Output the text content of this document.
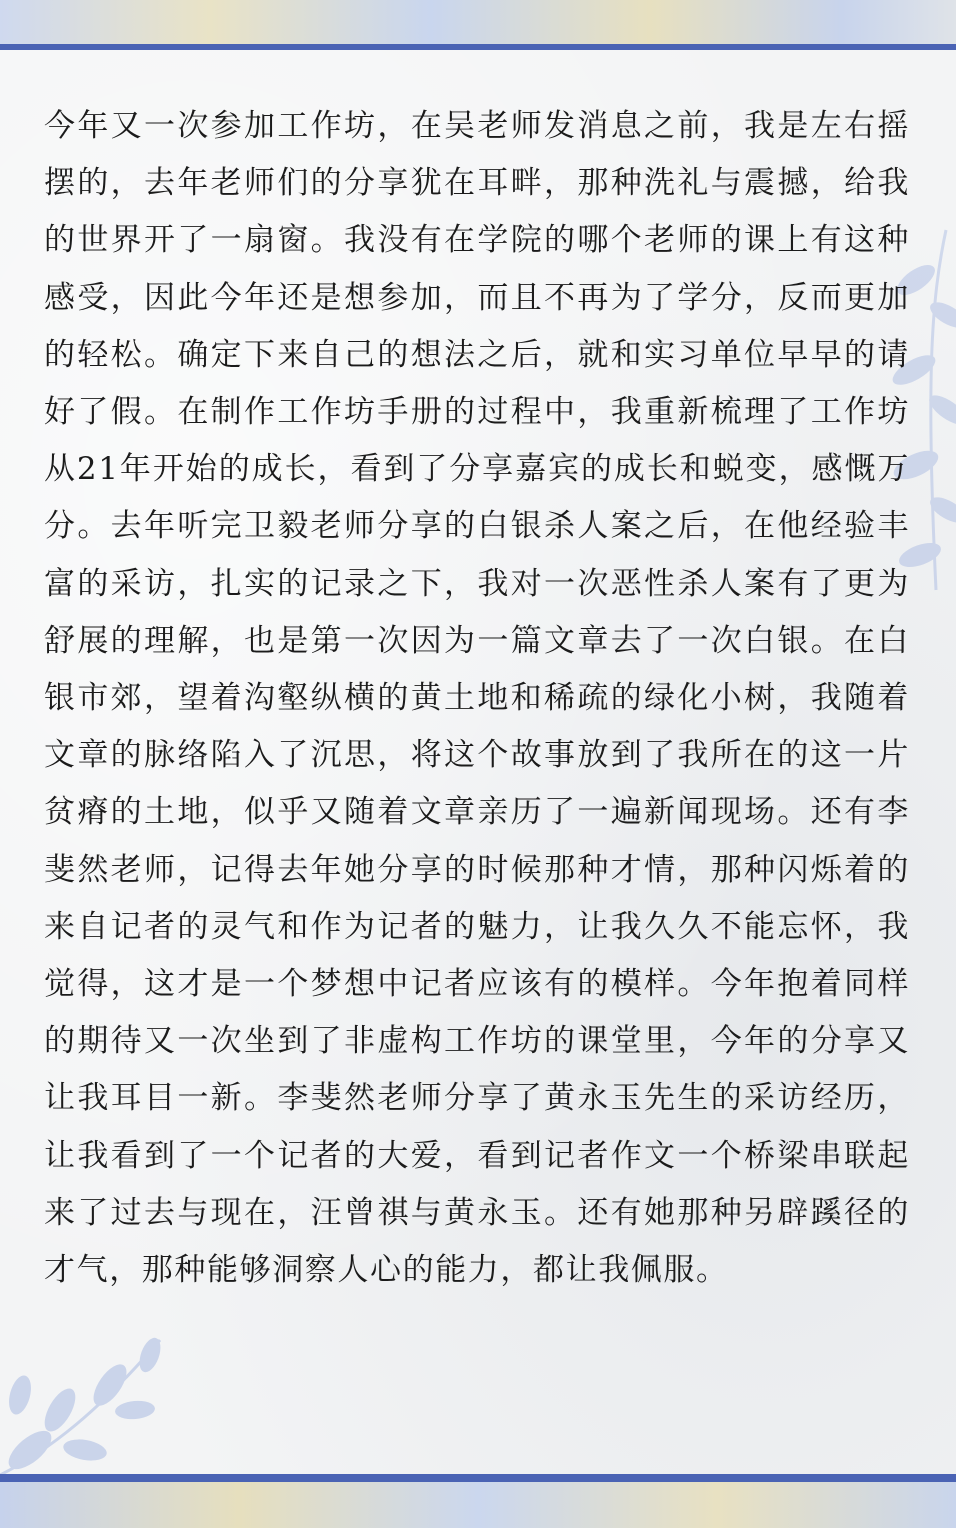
今年又一次参加工作坊，在吴老师发消息之前，我是左右摇摆的，去年老师们的分享犹在耳畔，那种洗礼与震撼，给我的世界开了一扇窗。我没有在学院的哪个老师的课上有这种感受，因此今年还是想参加，而且不再为了学分，反而更加的轻松。确定下来自己的想法之后，就和实习单位早早的请好了假。在制作工作坊手册的过程中，我重新梳理了工作坊从21年开始的成长，看到了分享嘉宾的成长和蜕变，感慨万分。去年听完卫毅老师分享的白银杀人案之后，在他经验丰富的采访，扎实的记录之下，我对一次恶性杀人案有了更为舒展的理解，也是第一次因为一篇文章去了一次白银。在白银市郊，望着沟壑纵横的黄土地和稀疏的绿化小树，我随着文章的脉络陷入了沉思，将这个故事放到了我所在的这一片贫瘠的土地，似乎又随着文章亲历了一遍新闻现场。还有李斐然老师，记得去年她分享的时候那种才情，那种闪烁着的来自记者的灵气和作为记者的魅力，让我久久不能忘怀，我觉得，这才是一个梦想中记者应该有的模样。今年抱着同样的期待又一次坐到了非虚构工作坊的课堂里，今年的分享又让我耳目一新。李斐然老师分享了黄永玉先生的采访经历，让我看到了一个记者的大爱，看到记者作文一个桥梁串联起来了过去与现在，汪曾祺与黄永玉。还有她那种另辟蹊径的才气，那种能够洞察人心的能力，都让我佩服。
